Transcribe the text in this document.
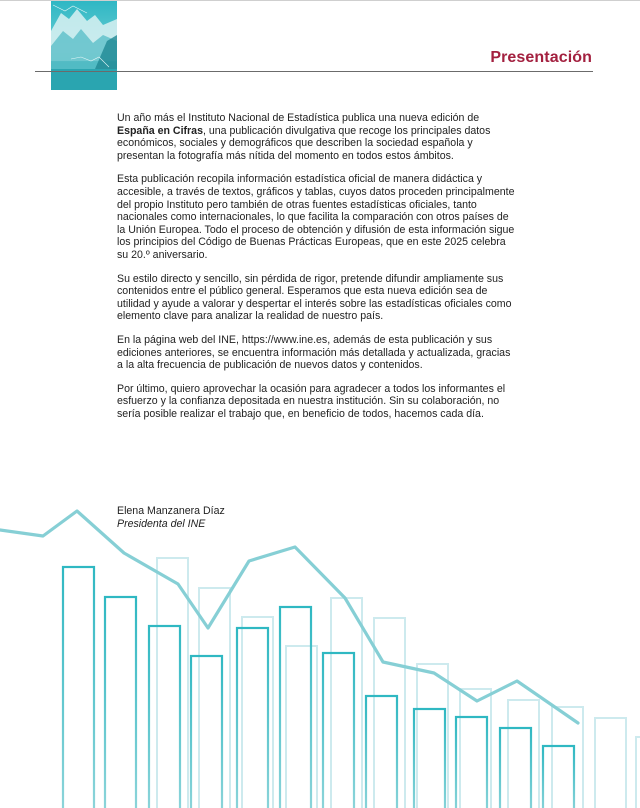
Presentación

Un año más el Instituto Nacional de Estadística publica una nueva edición de España en Cifras, una publicación divulgativa que recoge los principales datos económicos, sociales y demográficos que describen la sociedad española y presentan la fotografía más nítida del momento en todos estos ámbitos.

Esta publicación recopila información estadística oficial de manera didáctica y accesible, a través de textos, gráficos y tablas, cuyos datos proceden principalmente del propio Instituto pero también de otras fuentes estadísticas oficiales, tanto nacionales como internacionales, lo que facilita la comparación con otros países de la Unión Europea. Todo el proceso de obtención y difusión de esta información sigue los principios del Código de Buenas Prácticas Europeas, que en este 2025 celebra su 20.º aniversario.

Su estilo directo y sencillo, sin pérdida de rigor, pretende difundir ampliamente sus contenidos entre el público general. Esperamos que esta nueva edición sea de utilidad y ayude a valorar y despertar el interés sobre las estadísticas oficiales como elemento clave para analizar la realidad de nuestro país.

En la página web del INE, https://www.ine.es, además de esta publicación y sus ediciones anteriores, se encuentra información más detallada y actualizada, gracias a la alta frecuencia de publicación de nuevos datos y contenidos.

Por último, quiero aprovechar la ocasión para agradecer a todos los informantes el esfuerzo y la confianza depositada en nuestra institución. Sin su colaboración, no sería posible realizar el trabajo que, en beneficio de todos, hacemos cada día.

Elena Manzanera Díaz
Presidenta del INE
